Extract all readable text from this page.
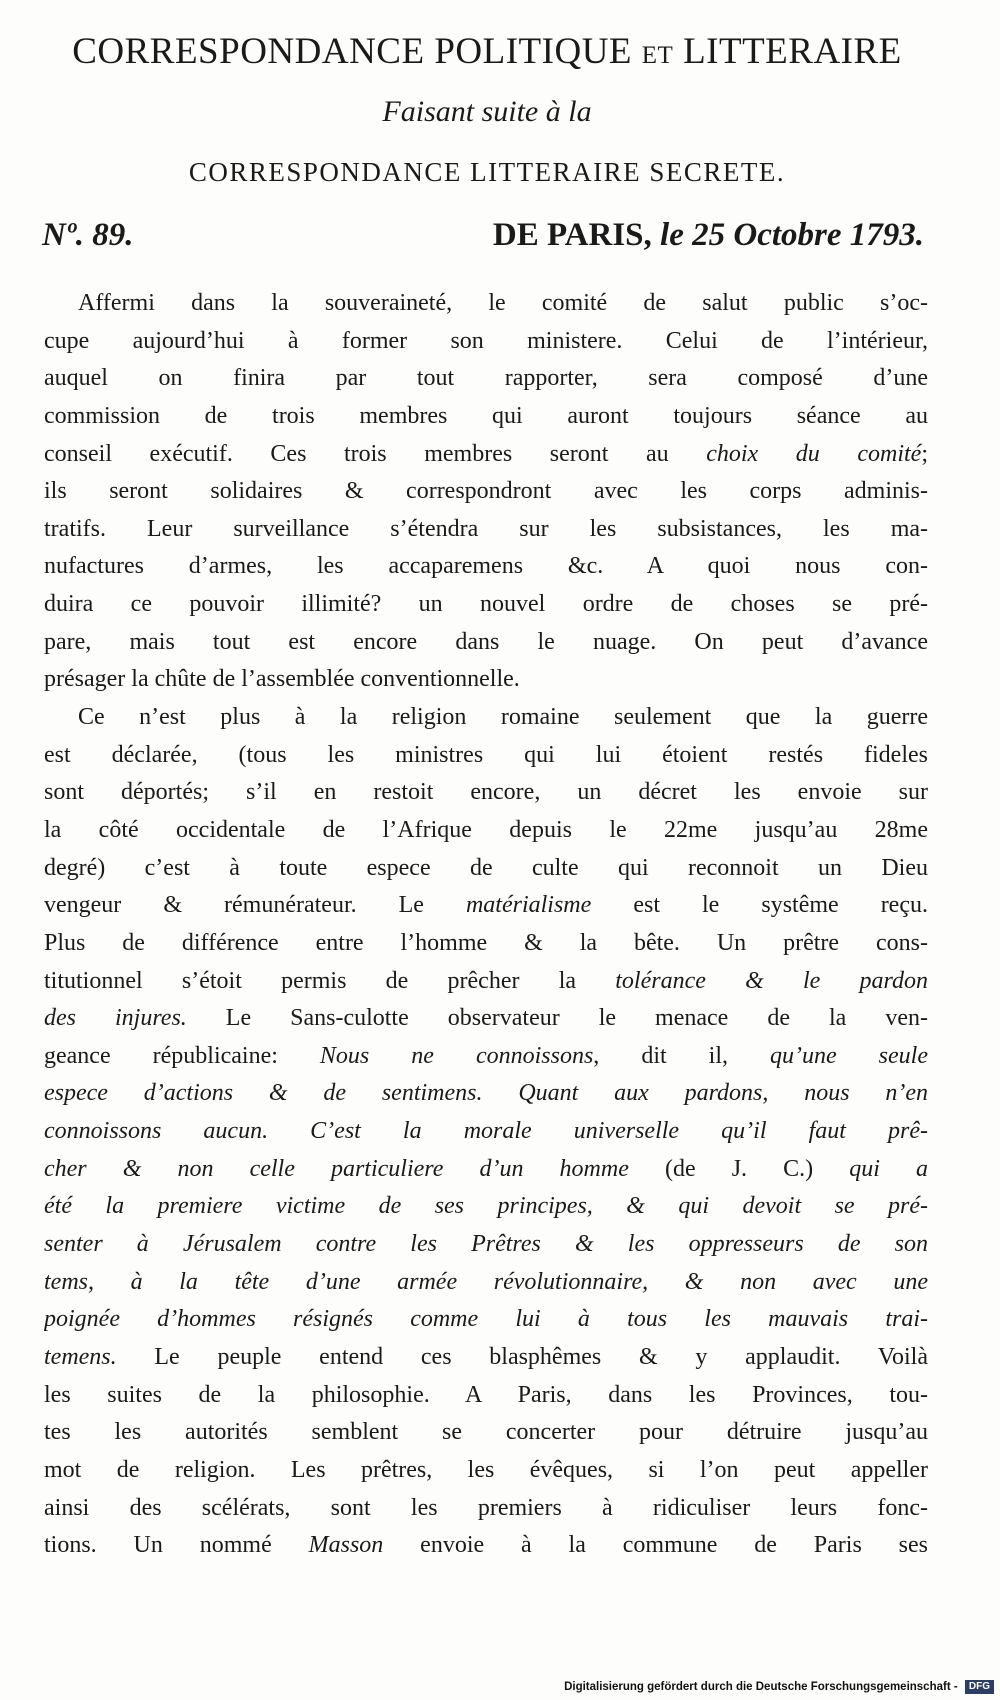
CORRESPONDANCE POLITIQUE ET LITTERAIRE
Faisant suite à la
CORRESPONDANCE LITTERAIRE SECRETE.
Nº. 89.	DE PARIS, le 25 Octobre 1793.
Affermi dans la souveraineté, le comité de salut public s’oc-
cupe aujourd’hui à former son ministere. Celui de l’intérieur,
auquel on finira par tout rapporter, sera composé d’une
commission de trois membres qui auront toujours séance au
conseil exécutif. Ces trois membres seront au choix du comité;
ils seront solidaires & correspondront avec les corps adminis-
tratifs. Leur surveillance s’étendra sur les subsistances, les ma-
nufactures d’armes, les accaparemens &c. A quoi nous con-
duira ce pouvoir illimité? un nouvel ordre de choses se pré-
pare, mais tout est encore dans le nuage. On peut d’avance
présager la chûte de l’assemblée conventionnelle.
Ce n’est plus à la religion romaine seulement que la guerre
est déclarée, (tous les ministres qui lui étoient restés fideles
sont déportés; s’il en restoit encore, un décret les envoie sur
la côté occidentale de l’Afrique depuis le 22me jusqu’au 28me
degré) c’est à toute espece de culte qui reconnoit un Dieu
vengeur & rémunérateur. Le matérialisme est le systême reçu.
Plus de différence entre l’homme & la bête. Un prêtre cons-
titutionnel s’étoit permis de prêcher la tolérance & le pardon
des injures. Le Sans-culotte observateur le menace de la ven-
geance républicaine: Nous ne connoissons, dit il, qu’une seule
espece d’actions & de sentimens. Quant aux pardons, nous n’en
connoissons aucun. C’est la morale universelle qu’il faut prê-
cher & non celle particuliere d’un homme (de J. C.) qui a
été la premiere victime de ses principes, & qui devoit se pré-
senter à Jérusalem contre les Prêtres & les oppresseurs de son
tems, à la tête d’une armée révolutionnaire, & non avec une
poignée d’hommes résignés comme lui à tous les mauvais trai-
temens. Le peuple entend ces blasphêmes & y applaudit. Voilà
les suites de la philosophie. A Paris, dans les Provinces, tou-
tes les autorités semblent se concerter pour détruire jusqu’au
mot de religion. Les prêtres, les évêques, si l’on peut appeller
ainsi des scélérats, sont les premiers à ridiculiser leurs fonc-
tions. Un nommé Masson envoie à la commune de Paris ses
Digitalisierung gefördert durch die Deutsche Forschungsgemeinschaft - DFG
